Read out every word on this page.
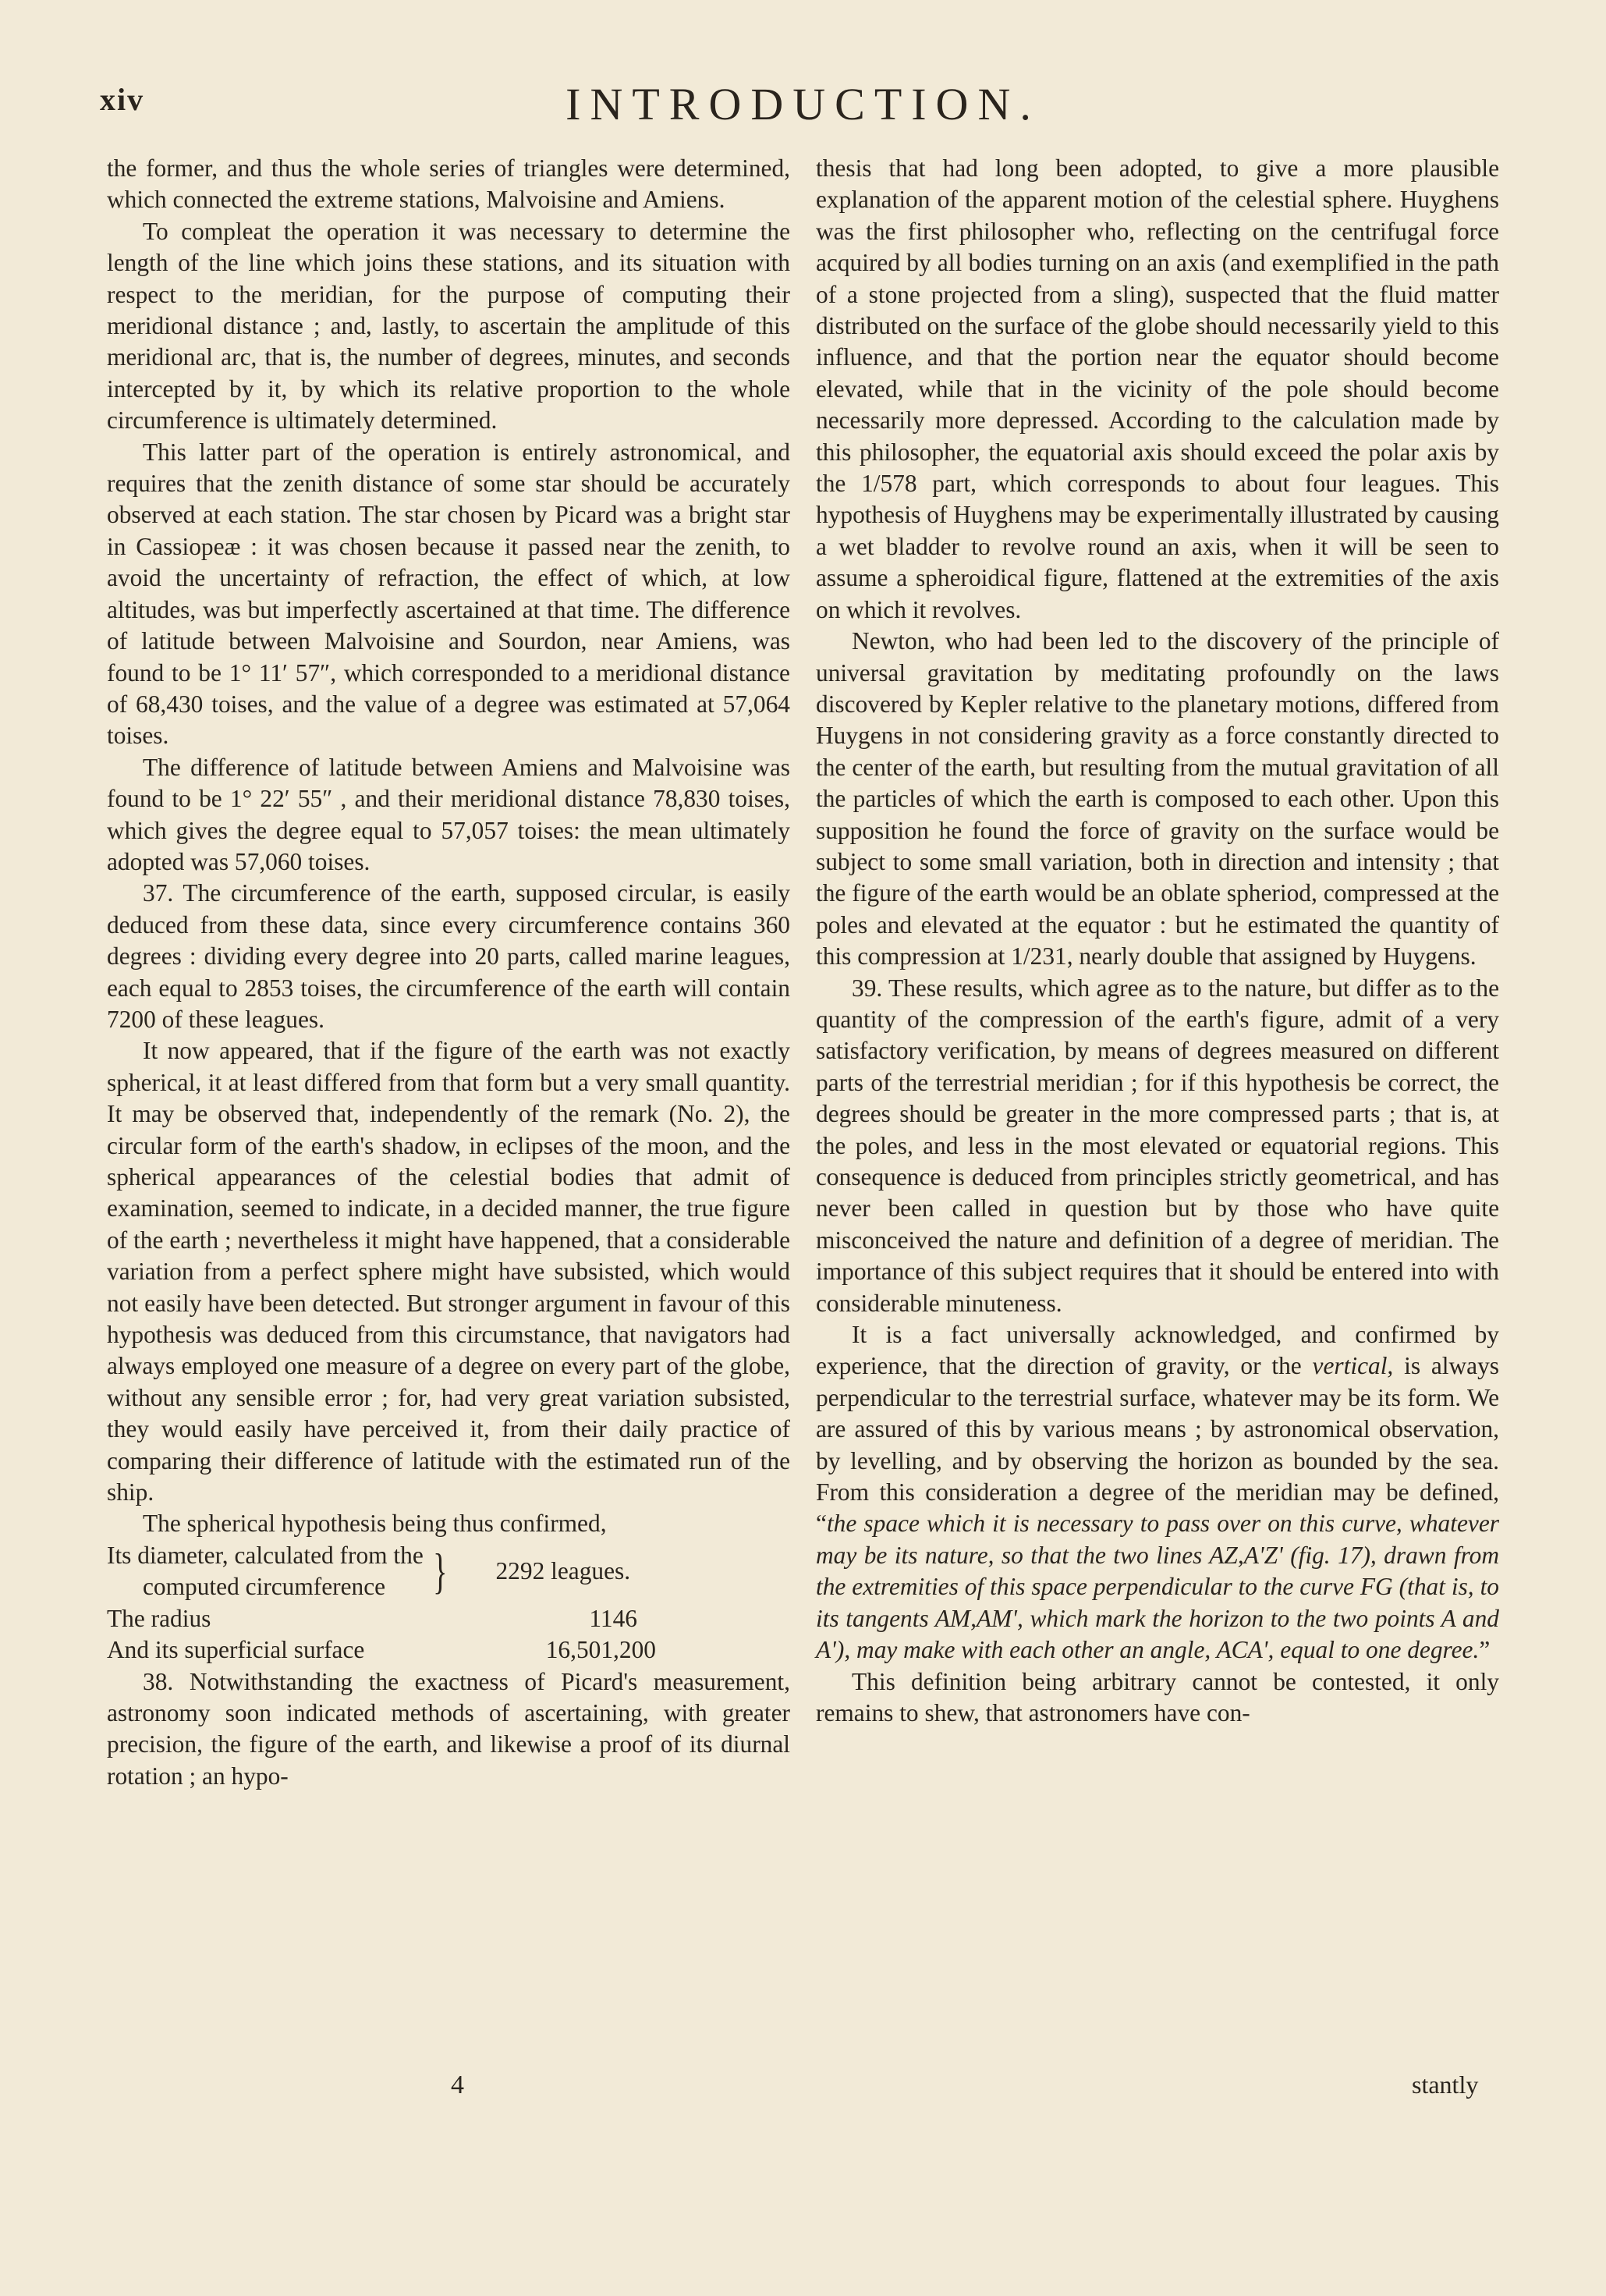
xiv	INTRODUCTION.

the former, and thus the whole series of triangles were determined, which connected the extreme stations, Malvoisine and Amiens.

To compleat the operation it was necessary to determine the length of the line which joins these stations, and its situation with respect to the meridian, for the purpose of computing their meridional distance ; and, lastly, to ascertain the amplitude of this meridional arc, that is, the number of degrees, minutes, and seconds intercepted by it, by which its relative proportion to the whole circumference is ultimately determined.

This latter part of the operation is entirely astronomical, and requires that the zenith distance of some star should be accurately observed at each station. The star chosen by Picard was a bright star in Cassiopeæ : it was chosen because it passed near the zenith, to avoid the uncertainty of refraction, the effect of which, at low altitudes, was but imperfectly ascertained at that time. The difference of latitude between Malvoisine and Sourdon, near Amiens, was found to be 1° 11′ 57″, which corresponded to a meridional distance of 68,430 toises, and the value of a degree was estimated at 57,064 toises.

The difference of latitude between Amiens and Malvoisine was found to be 1° 22′ 55″ , and their meridional distance 78,830 toises, which gives the degree equal to 57,057 toises: the mean ultimately adopted was 57,060 toises.

37. The circumference of the earth, supposed circular, is easily deduced from these data, since every circumference contains 360 degrees : dividing every degree into 20 parts, called marine leagues, each equal to 2853 toises, the circumference of the earth will contain 7200 of these leagues.

It now appeared, that if the figure of the earth was not exactly spherical, it at least differed from that form but a very small quantity. It may be observed that, independently of the remark (No. 2), the circular form of the earth's shadow, in eclipses of the moon, and the spherical appearances of the celestial bodies that admit of examination, seemed to indicate, in a decided manner, the true figure of the earth ; nevertheless it might have happened, that a considerable variation from a perfect sphere might have subsisted, which would not easily have been detected. But stronger argument in favour of this hypothesis was deduced from this circumstance, that navigators had always employed one measure of a degree on every part of the globe, without any sensible error ; for, had very great variation subsisted, they would easily have perceived it, from their daily practice of comparing their difference of latitude with the estimated run of the ship.

The spherical hypothesis being thus confirmed,

Its diameter, calculated from the
computed circumference } 2292 leagues.
The radius	1146
And its superficial surface	16,501,200

38. Notwithstanding the exactness of Picard's measurement, astronomy soon indicated methods of ascertaining, with greater precision, the figure of the earth, and likewise a proof of its diurnal rotation ; an hypo-

thesis that had long been adopted, to give a more plausible explanation of the apparent motion of the celestial sphere. Huyghens was the first philosopher who, reflecting on the centrifugal force acquired by all bodies turning on an axis (and exemplified in the path of a stone projected from a sling), suspected that the fluid matter distributed on the surface of the globe should necessarily yield to this influence, and that the portion near the equator should become elevated, while that in the vicinity of the pole should become necessarily more depressed. According to the calculation made by this philosopher, the equatorial axis should exceed the polar axis by the 1/578 part, which corresponds to about four leagues. This hypothesis of Huyghens may be experimentally illustrated by causing a wet bladder to revolve round an axis, when it will be seen to assume a spheroidical figure, flattened at the extremities of the axis on which it revolves.

Newton, who had been led to the discovery of the principle of universal gravitation by meditating profoundly on the laws discovered by Kepler relative to the planetary motions, differed from Huygens in not considering gravity as a force constantly directed to the center of the earth, but resulting from the mutual gravitation of all the particles of which the earth is composed to each other. Upon this supposition he found the force of gravity on the surface would be subject to some small variation, both in direction and intensity ; that the figure of the earth would be an oblate spheriod, compressed at the poles and elevated at the equator : but he estimated the quantity of this compression at 1/231, nearly double that assigned by Huygens.

39. These results, which agree as to the nature, but differ as to the quantity of the compression of the earth's figure, admit of a very satisfactory verification, by means of degrees measured on different parts of the terrestrial meridian ; for if this hypothesis be correct, the degrees should be greater in the more compressed parts ; that is, at the poles, and less in the most elevated or equatorial regions. This consequence is deduced from principles strictly geometrical, and has never been called in question but by those who have quite misconceived the nature and definition of a degree of meridian. The importance of this subject requires that it should be entered into with considerable minuteness.

It is a fact universally acknowledged, and confirmed by experience, that the direction of gravity, or the vertical, is always perpendicular to the terrestrial surface, whatever may be its form. We are assured of this by various means ; by astronomical observation, by levelling, and by observing the horizon as bounded by the sea. From this consideration a degree of the meridian may be defined, “the space which it is necessary to pass over on this curve, whatever may be its nature, so that the two lines AZ,A'Z' (fig. 17), drawn from the extremities of this space perpendicular to the curve FG (that is, to its tangents AM,AM', which mark the horizon to the two points A and A'), may make with each other an angle, ACA', equal to one degree.”

This definition being arbitrary cannot be contested, it only remains to shew, that astronomers have con-

4	stantly
